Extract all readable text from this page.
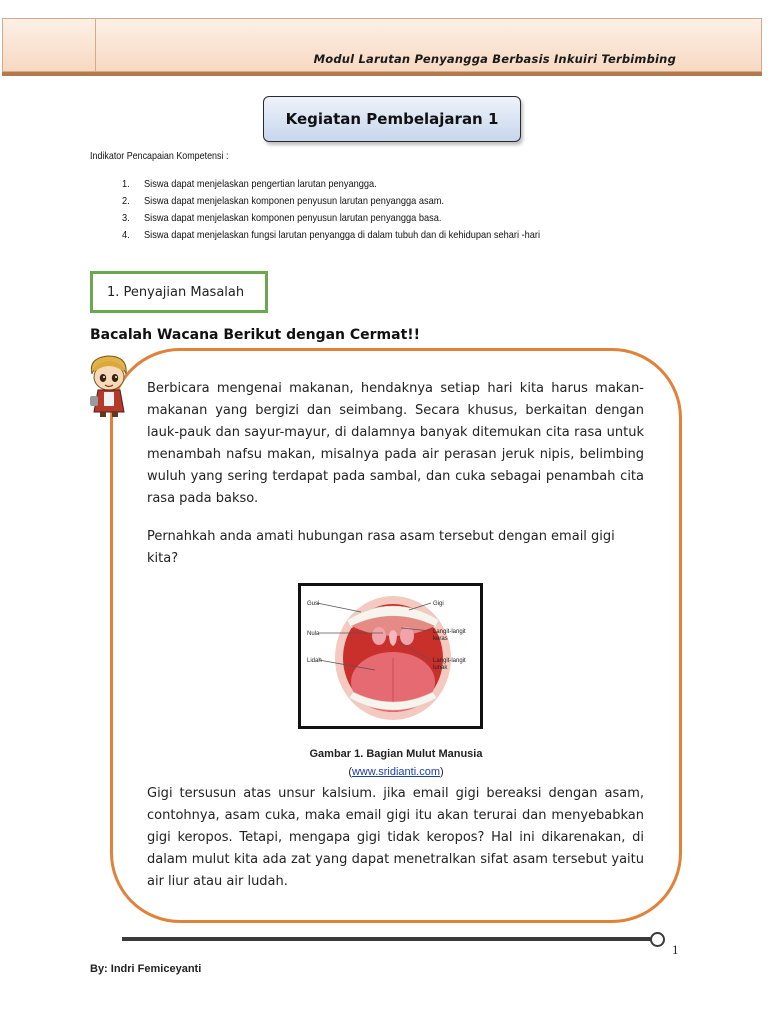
Modul Larutan Penyangga Berbasis Inkuiri Terbimbing
Kegiatan Pembelajaran 1
Indikator Pencapaian Kompetensi :
1.	Siswa dapat menjelaskan pengertian larutan penyangga.
2.	Siswa dapat menjelaskan komponen penyusun larutan penyangga asam.
3.	Siswa dapat menjelaskan komponen penyusun larutan penyangga basa.
4.	Siswa dapat menjelaskan fungsi larutan penyangga di dalam tubuh dan di kehidupan sehari -hari
1. Penyajian Masalah
Bacalah Wacana Berikut dengan Cermat!!

Berbicara mengenai makanan, hendaknya setiap hari kita harus makan-makanan yang bergizi dan seimbang. Secara khusus, berkaitan dengan lauk-pauk dan sayur-mayur, di dalamnya banyak ditemukan cita rasa untuk menambah nafsu makan, misalnya pada air perasan jeruk nipis, belimbing wuluh yang sering terdapat pada sambal, dan cuka sebagai penambah cita rasa pada bakso.

Pernahkah anda amati hubungan rasa asam tersebut dengan email gigi kita?

Gusi
Nula
Lidah
Gigi
Langit-langit
keras
Langit-langit
lunak
Gambar 1. Bagian Mulut Manusia
(www.sridianti.com)

Gigi tersusun atas unsur kalsium. jika email gigi bereaksi dengan asam, contohnya, asam cuka, maka email gigi itu akan terurai dan menyebabkan gigi keropos. Tetapi, mengapa gigi tidak keropos? Hal ini dikarenakan, di dalam mulut kita ada zat yang dapat menetralkan sifat asam tersebut yaitu air liur atau air ludah.

1
By: Indri Femiceyanti
